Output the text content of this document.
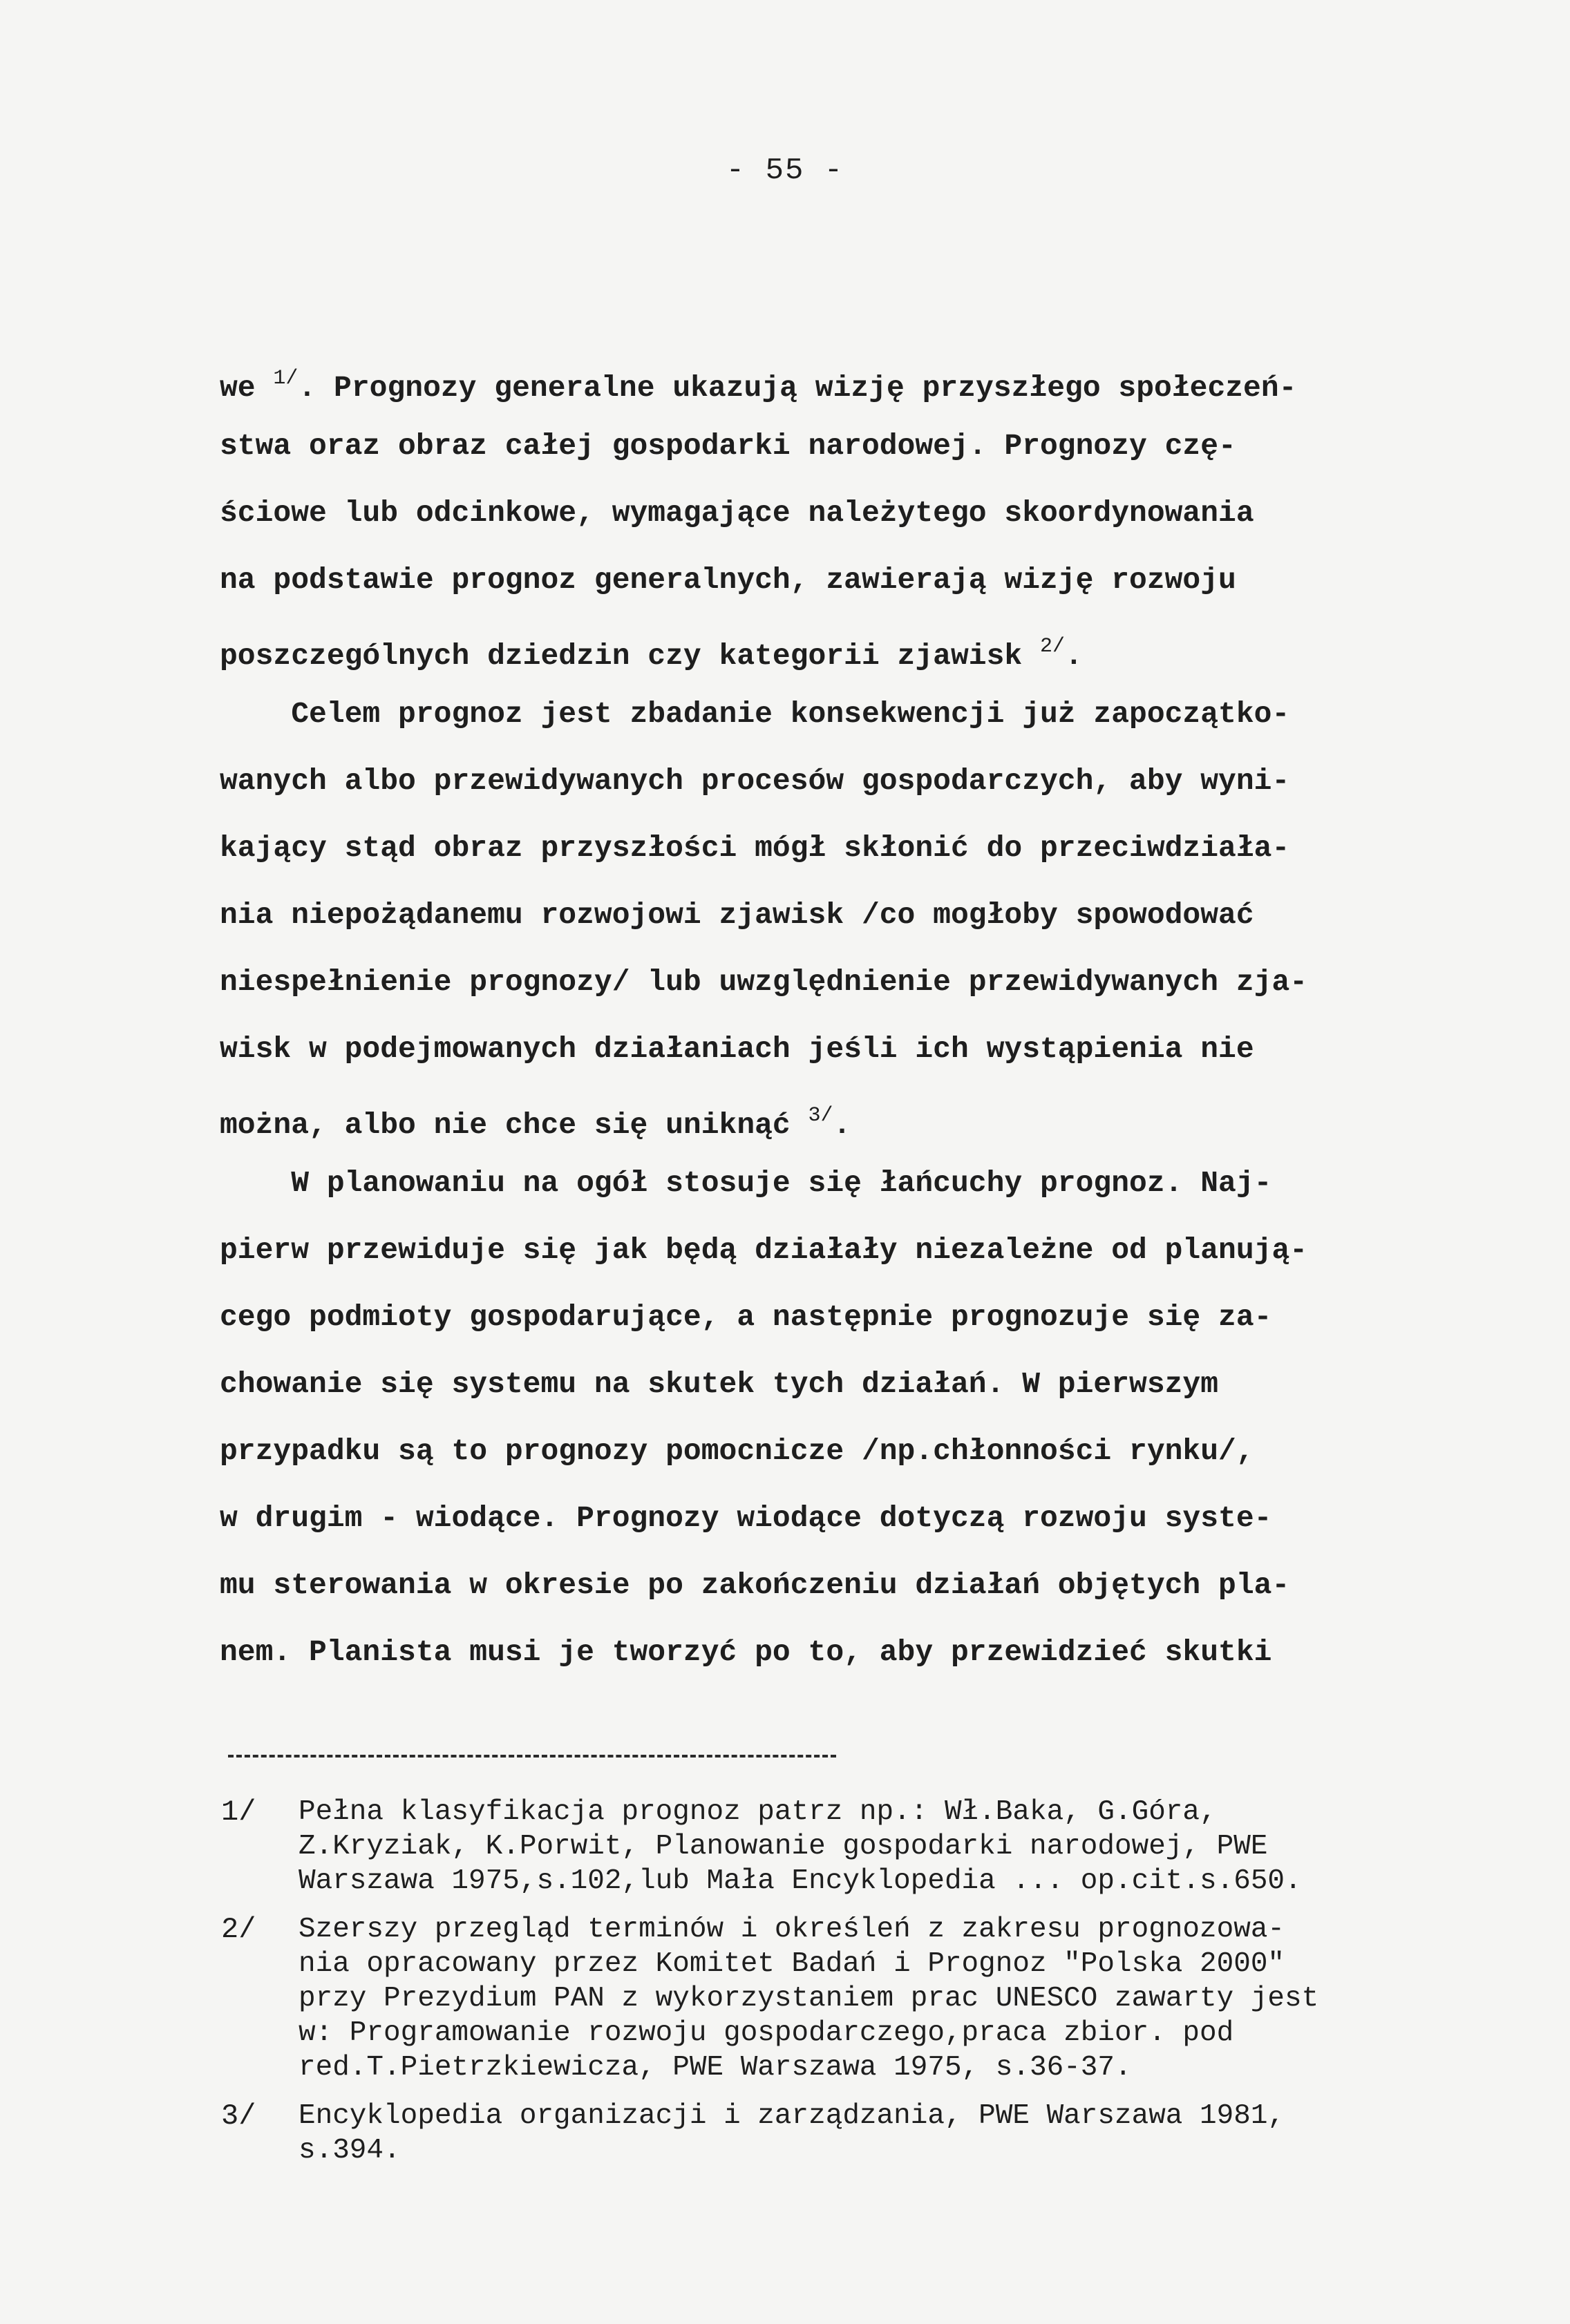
- 55 -
we $^{1/}$. Prognozy generalne ukazują wizję przyszłego społeczeń-
stwa oraz obraz całej gospodarki narodowej. Prognozy czę-
ściowe lub odcinkowe, wymagające należytego skoordynowania
na podstawie prognoz generalnych, zawierają wizję rozwoju
poszczególnych dziedzin czy kategorii zjawisk $^{2/}$.
Celem prognoz jest zbadanie konsekwencji już zapoczątko-
wanych albo przewidywanych procesów gospodarczych, aby wyni-
kający stąd obraz przyszłości mógł skłonić do przeciwdziała-
nia niepożądanemu rozwojowi zjawisk /co mogłoby spowodować
niespełnienie prognozy/ lub uwzględnienie przewidywanych zja-
wisk w podejmowanych działaniach jeśli ich wystąpienia nie
można, albo nie chce się uniknąć $^{3/}$.
W planowaniu na ogół stosuje się łańcuchy prognoz. Naj-
pierw przewiduje się jak będą działały niezależne od planują-
cego podmioty gospodarujące, a następnie prognozuje się za-
chowanie się systemu na skutek tych działań. W pierwszym
przypadku są to prognozy pomocnicze /np.chłonności rynku/,
w drugim - wiodące. Prognozy wiodące dotyczą rozwoju syste-
mu sterowania w okresie po zakończeniu działań objętych pla-
nem. Planista musi je tworzyć po to, aby przewidzieć skutki
1/	Pełna klasyfikacja prognoz patrz np.: Wł.Baka, G.Góra,
Z.Kryziak, K.Porwit, Planowanie gospodarki narodowej, PWE
Warszawa 1975,s.102,lub Mała Encyklopedia ... op.cit.s.650.
2/	Szerszy przegląd terminów i określeń z zakresu prognozowa-
nia opracowany przez Komitet Badań i Prognoz "Polska 2000"
przy Prezydium PAN z wykorzystaniem prac UNESCO zawarty jest
w: Programowanie rozwoju gospodarczego,praca zbior. pod
red.T.Pietrzkiewicza, PWE Warszawa 1975, s.36-37.
3/	Encyklopedia organizacji i zarządzania, PWE Warszawa 1981,
s.394.
